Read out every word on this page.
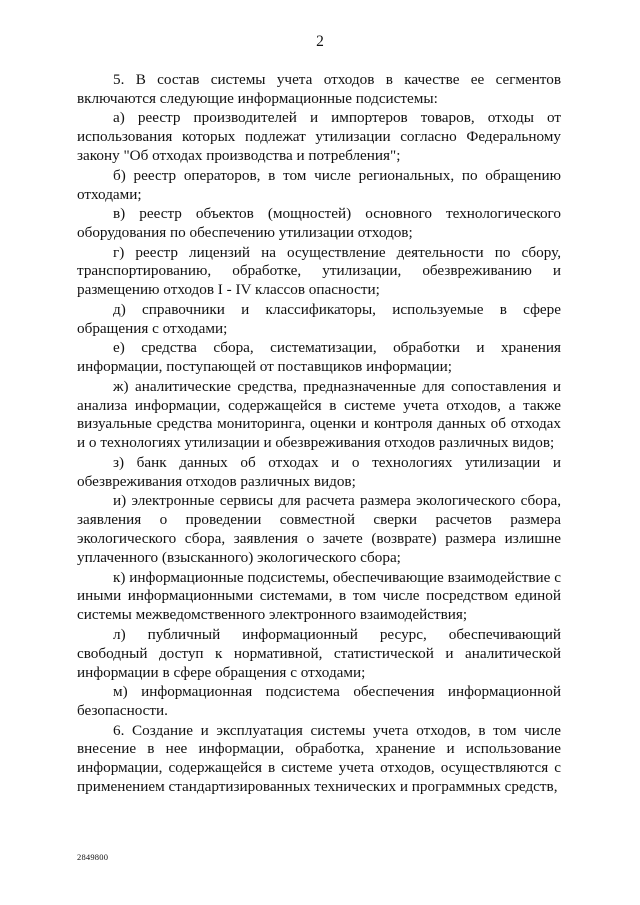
2

5. В состав системы учета отходов в качестве ее сегментов включаются следующие информационные подсистемы:

а) реестр производителей и импортеров товаров, отходы от использования которых подлежат утилизации согласно Федеральному закону "Об отходах производства и потребления";

б) реестр операторов, в том числе региональных, по обращению отходами;

в) реестр объектов (мощностей) основного технологического оборудования по обеспечению утилизации отходов;

г) реестр лицензий на осуществление деятельности по сбору, транспортированию, обработке, утилизации, обезвреживанию и размещению отходов I - IV классов опасности;

д) справочники и классификаторы, используемые в сфере обращения с отходами;

е) средства сбора, систематизации, обработки и хранения информации, поступающей от поставщиков информации;

ж) аналитические средства, предназначенные для сопоставления и анализа информации, содержащейся в системе учета отходов, а также визуальные средства мониторинга, оценки и контроля данных об отходах и о технологиях утилизации и обезвреживания отходов различных видов;

з) банк данных об отходах и о технологиях утилизации и обезвреживания отходов различных видов;

и) электронные сервисы для расчета размера экологического сбора, заявления о проведении совместной сверки расчетов размера экологического сбора, заявления о зачете (возврате) размера излишне уплаченного (взысканного) экологического сбора;

к) информационные подсистемы, обеспечивающие взаимодействие с иными информационными системами, в том числе посредством единой системы межведомственного электронного взаимодействия;

л) публичный информационный ресурс, обеспечивающий свободный доступ к нормативной, статистической и аналитической информации в сфере обращения с отходами;

м) информационная подсистема обеспечения информационной безопасности.

6. Создание и эксплуатация системы учета отходов, в том числе внесение в нее информации, обработка, хранение и использование информации, содержащейся в системе учета отходов, осуществляются с применением стандартизированных технических и программных средств,

2849800
